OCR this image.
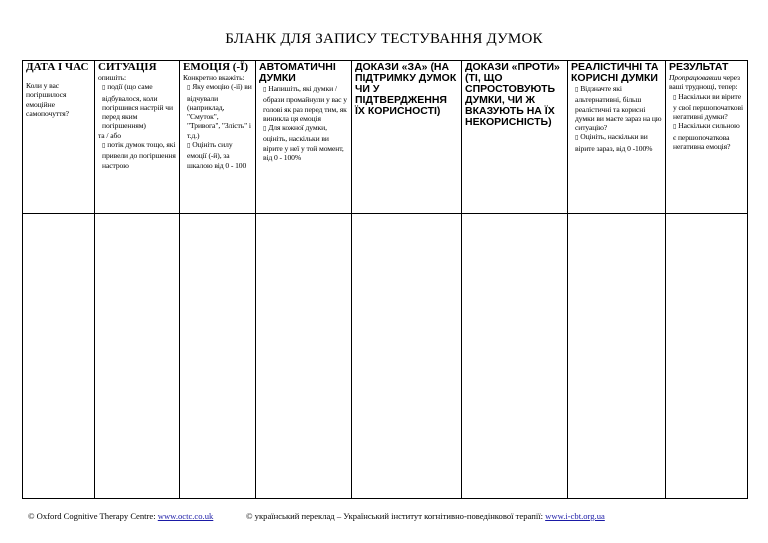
БЛАНК ДЛЯ ЗАПИСУ ТЕСТУВАННЯ ДУМОК
ДАТА І ЧАС
Коли у вас погіршилося емоційне самопочуття?	СИТУАЦІЯ
опишіть:
▯ події (що саме відбувалося, коли погіршився настрій чи перед яким погіршенням)
та / або
▯ потік думок тощо, які привели до погіршення настрою	ЕМОЦІЯ (-Ї)
Конкретно вкажіть:
▯ Яку емоцію (-ії) ви відчували (наприклад, "Смуток", "Тривога", "Злість" і т.д.)
▯ Оцініть силу емоції (-й), за шкалою від 0 - 100	АВТОМАТИЧНІ ДУМКИ
▯ Напишіть, які думки /образи промайнули у вас у голові як раз перед тим, як виникла ця емоція
▯ Для кожної думки, оцініть, наскільки ви вірите у неї у той момент, від 0 - 100%	ДОКАЗИ «ЗА» (НА ПІДТРИМКУ ДУМОК ЧИ У ПІДТВЕРДЖЕННЯ ЇХ КОРИСНОСТІ)	ДОКАЗИ «ПРОТИ» (ТІ, ЩО СПРОСТОВУЮТЬ ДУМКИ, ЧИ Ж ВКАЗУЮТЬ НА ЇХ НЕКОРИСНІСТЬ)	РЕАЛІСТИЧНІ ТА КОРИСНІ ДУМКИ
▯ Відзначте які альтернативні, більш реалістичні та корисні думки ви маєте зараз на цю ситуацію?
▯ Оцініть, наскільки ви вірите зараз, від 0 -100%	РЕЗУЛЬТАТ
Пропрацювавши через ваші труднощі, тепер:
▯ Наскільки ви вірите у свої першопочаткові негативні думки?
▯ Наскільки сильною є першопочаткова негативна емоція?

© Oxford Cognitive Therapy Centre: www.octc.co.uk	© український переклад – Український інститут когнітивно-поведінкової терапії: www.i-cbt.org.ua
